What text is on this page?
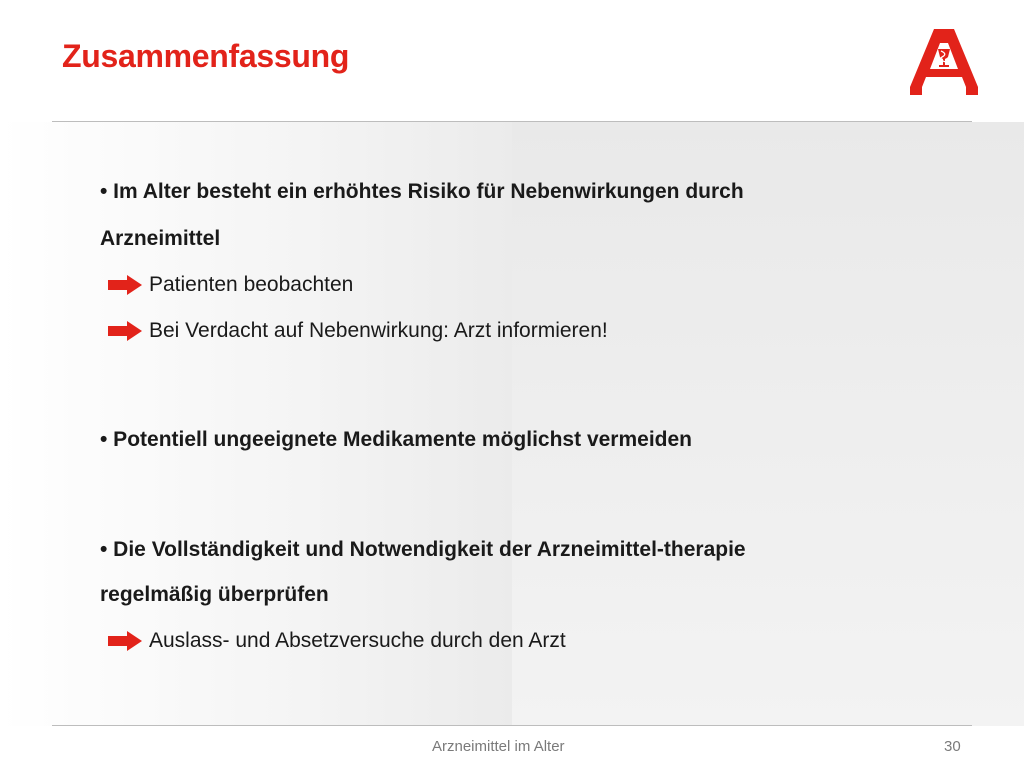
Zusammenfassung
• Im Alter besteht ein erhöhtes Risiko für Nebenwirkungen durch
Arzneimittel
Patienten beobachten
Bei Verdacht auf Nebenwirkung: Arzt informieren!
• Potentiell ungeeignete Medikamente möglichst vermeiden
• Die Vollständigkeit und Notwendigkeit der Arzneimittel-therapie
regelmäßig überprüfen
Auslass- und Absetzversuche durch den Arzt
Arzneimittel im Alter	30
